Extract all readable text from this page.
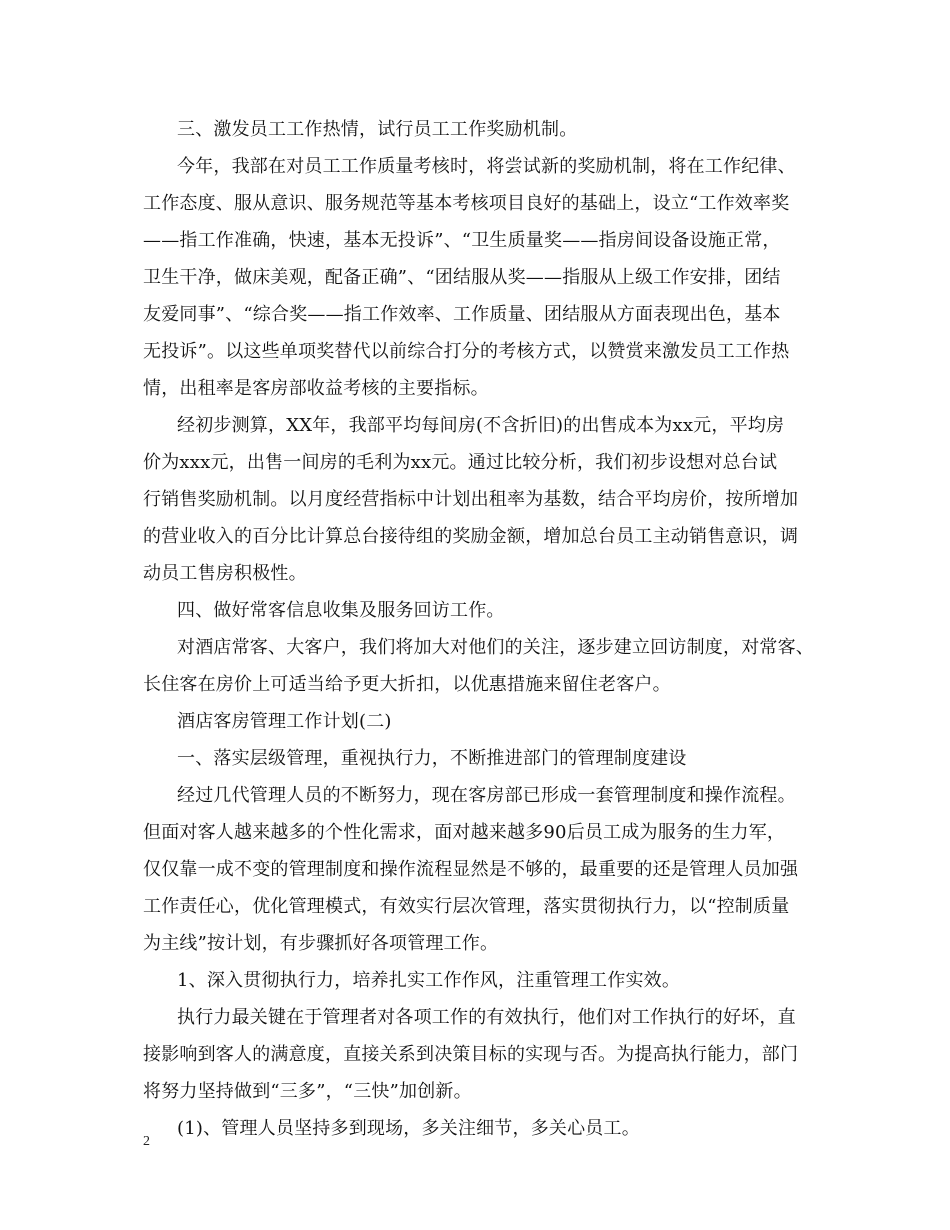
三、激发员工工作热情，试行员工工作奖励机制。
今年，我部在对员工工作质量考核时，将尝试新的奖励机制，将在工作纪律、
工作态度、服从意识、服务规范等基本考核项目良好的基础上，设立“工作效率奖
——指工作准确，快速，基本无投诉”、“卫生质量奖——指房间设备设施正常，
卫生干净，做床美观，配备正确”、“团结服从奖——指服从上级工作安排，团结
友爱同事”、“综合奖——指工作效率、工作质量、团结服从方面表现出色，基本
无投诉”。以这些单项奖替代以前综合打分的考核方式，以赞赏来激发员工工作热
情，出租率是客房部收益考核的主要指标。
经初步测算，XX年，我部平均每间房(不含折旧)的出售成本为xx元，平均房
价为xxx元，出售一间房的毛利为xx元。通过比较分析，我们初步设想对总台试
行销售奖励机制。以月度经营指标中计划出租率为基数，结合平均房价，按所增加
的营业收入的百分比计算总台接待组的奖励金额，增加总台员工主动销售意识，调
动员工售房积极性。
四、做好常客信息收集及服务回访工作。
对酒店常客、大客户，我们将加大对他们的关注，逐步建立回访制度，对常客、
长住客在房价上可适当给予更大折扣，以优惠措施来留住老客户。
酒店客房管理工作计划(二)
一、落实层级管理，重视执行力，不断推进部门的管理制度建设
经过几代管理人员的不断努力，现在客房部已形成一套管理制度和操作流程。
但面对客人越来越多的个性化需求，面对越来越多90后员工成为服务的生力军，
仅仅靠一成不变的管理制度和操作流程显然是不够的，最重要的还是管理人员加强
工作责任心，优化管理模式，有效实行层次管理，落实贯彻执行力，以“控制质量
为主线”按计划，有步骤抓好各项管理工作。
1、深入贯彻执行力，培养扎实工作作风，注重管理工作实效。
执行力最关键在于管理者对各项工作的有效执行，他们对工作执行的好坏，直
接影响到客人的满意度，直接关系到决策目标的实现与否。为提高执行能力，部门
将努力坚持做到“三多”，“三快”加创新。
(1)、管理人员坚持多到现场，多关注细节，多关心员工。
2
